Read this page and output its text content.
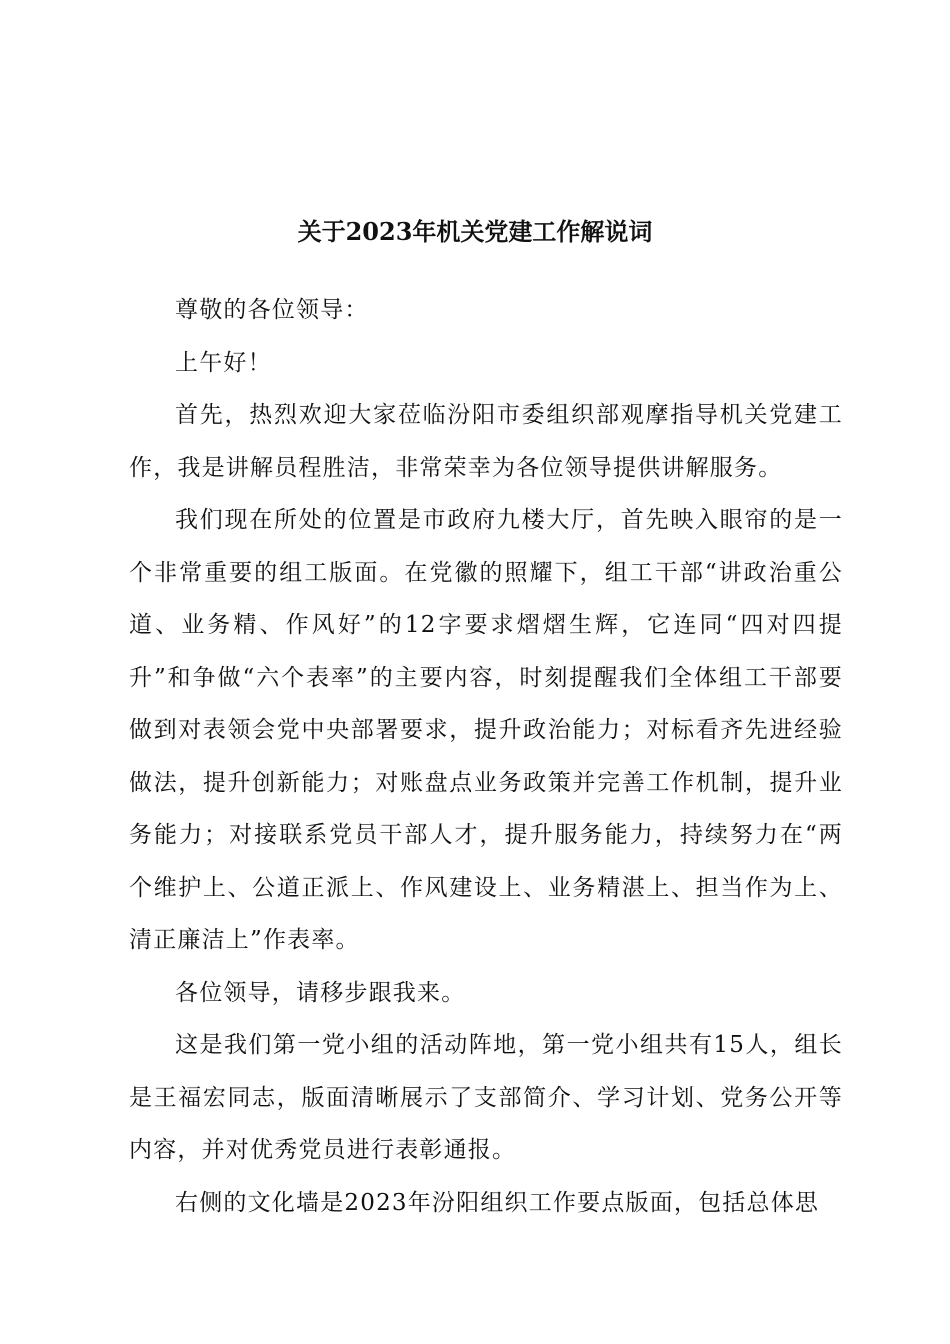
关于2023年机关党建工作解说词

尊敬的各位领导：

上午好！

首先，热烈欢迎大家莅临汾阳市委组织部观摩指导机关党建工作，我是讲解员程胜洁，非常荣幸为各位领导提供讲解服务。

我们现在所处的位置是市政府九楼大厅，首先映入眼帘的是一个非常重要的组工版面。在党徽的照耀下，组工干部“讲政治重公道、业务精、作风好”的12字要求熠熠生辉，它连同“四对四提升”和争做“六个表率”的主要内容，时刻提醒我们全体组工干部要做到对表领会党中央部署要求，提升政治能力；对标看齐先进经验做法，提升创新能力；对账盘点业务政策并完善工作机制，提升业务能力；对接联系党员干部人才，提升服务能力，持续努力在“两个维护上、公道正派上、作风建设上、业务精湛上、担当作为上、清正廉洁上”作表率。

各位领导，请移步跟我来。

这是我们第一党小组的活动阵地，第一党小组共有15人，组长是王福宏同志，版面清晰展示了支部简介、学习计划、党务公开等内容，并对优秀党员进行表彰通报。

右侧的文化墙是2023年汾阳组织工作要点版面，包括总体思
